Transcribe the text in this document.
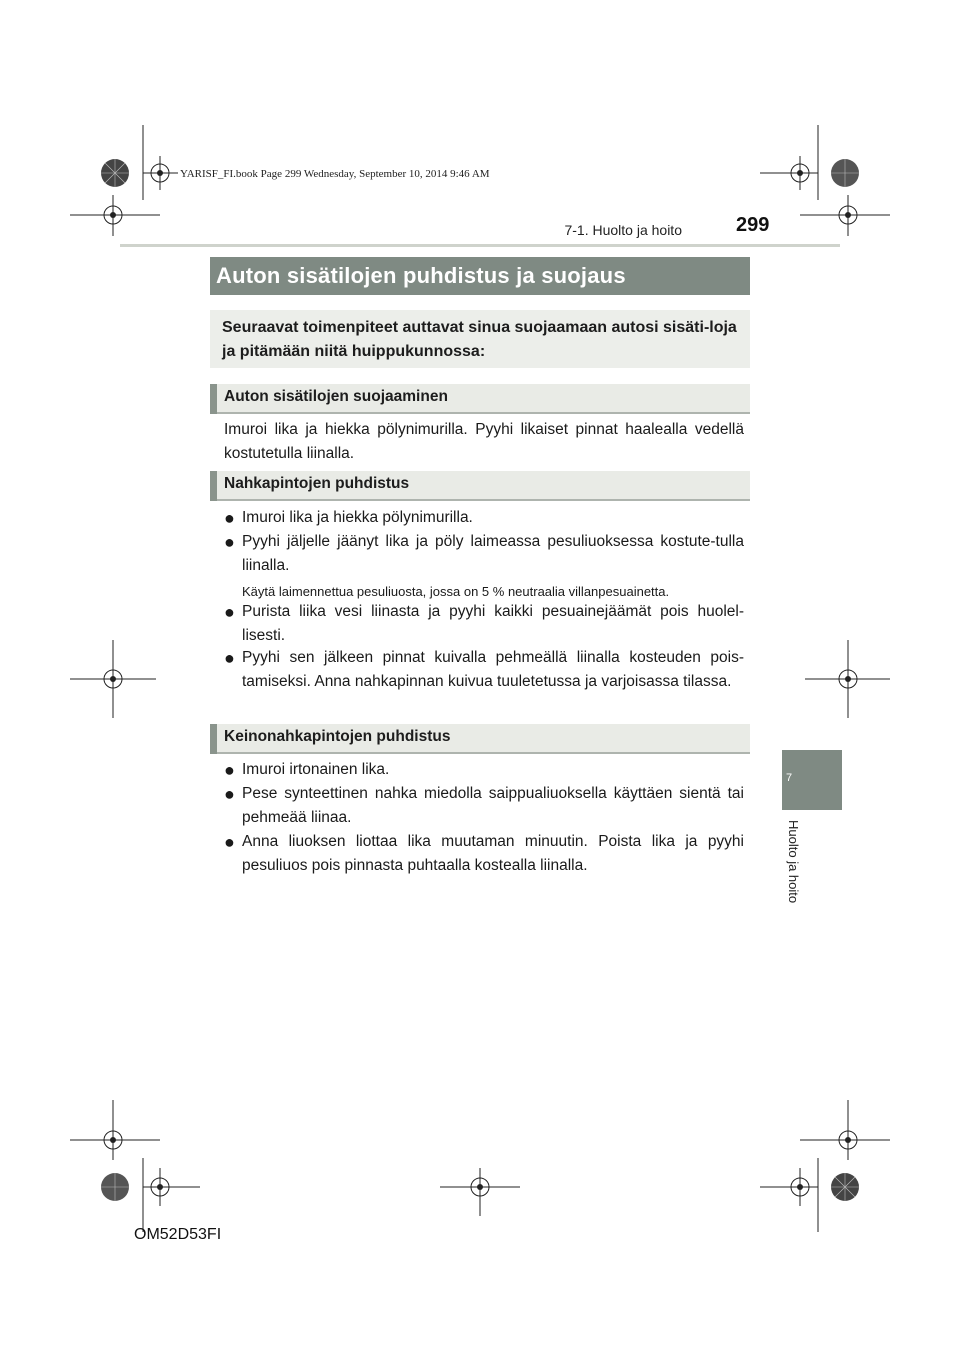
YARISF_FI.book Page 299 Wednesday, September 10, 2014 9:46 AM
7-1. Huolto ja hoito	299
Auton sisätilojen puhdistus ja suojaus
Seuraavat toimenpiteet auttavat sinua suojaamaan autosi sisäti-loja ja pitämään niitä huippukunnossa:
Auton sisätilojen suojaaminen
Imuroi lika ja hiekka pölynimurilla. Pyyhi likaiset pinnat haalealla vedellä kostutetulla liinalla.
Nahkapintojen puhdistus
● Imuroi lika ja hiekka pölynimurilla.
● Pyyhi jäljelle jäänyt lika ja pöly laimeassa pesuliuoksessa kostute-tulla liinalla.
Käytä laimennettua pesuliuosta, jossa on 5 % neutraalia villanpesuainetta.
● Purista liika vesi liinasta ja pyyhi kaikki pesuainejäämät pois huolel-lisesti.
● Pyyhi sen jälkeen pinnat kuivalla pehmeällä liinalla kosteuden pois-tamiseksi. Anna nahkapinnan kuivua tuuletetussa ja varjoisassa tilassa.
Keinonahkapintojen puhdistus
● Imuroi irtonainen lika.
● Pese synteettinen nahka miedolla saippualiuoksella käyttäen sientä tai pehmeää liinaa.
● Anna liuoksen liottaa lika muutaman minuutin. Poista lika ja pyyhi pesuliuos pois pinnasta puhtaalla kostealla liinalla.
7
Huolto ja hoito
OM52D53FI
